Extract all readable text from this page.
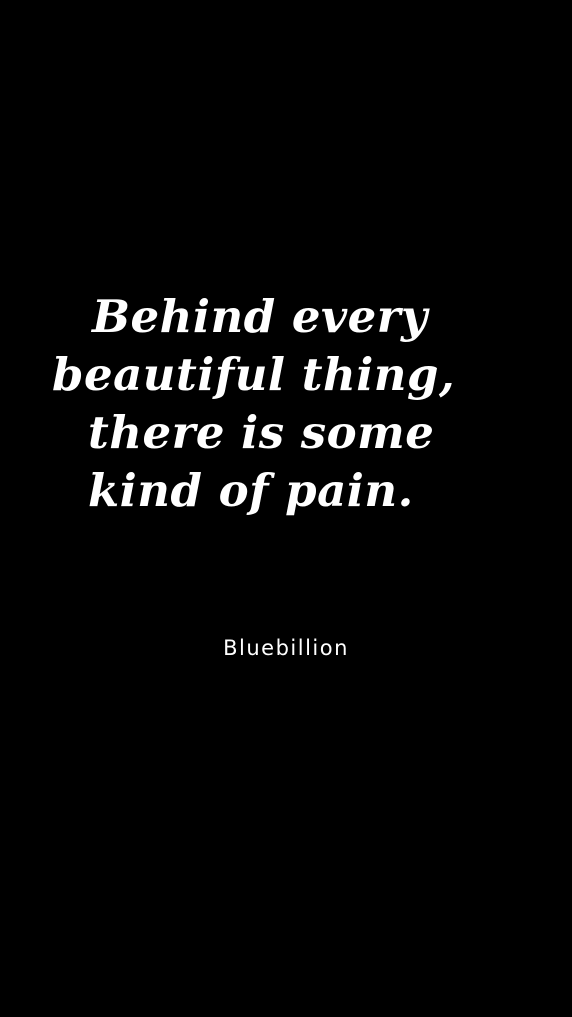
Behind every
beautiful thing,
there is some
kind of pain.

Bluebillion
